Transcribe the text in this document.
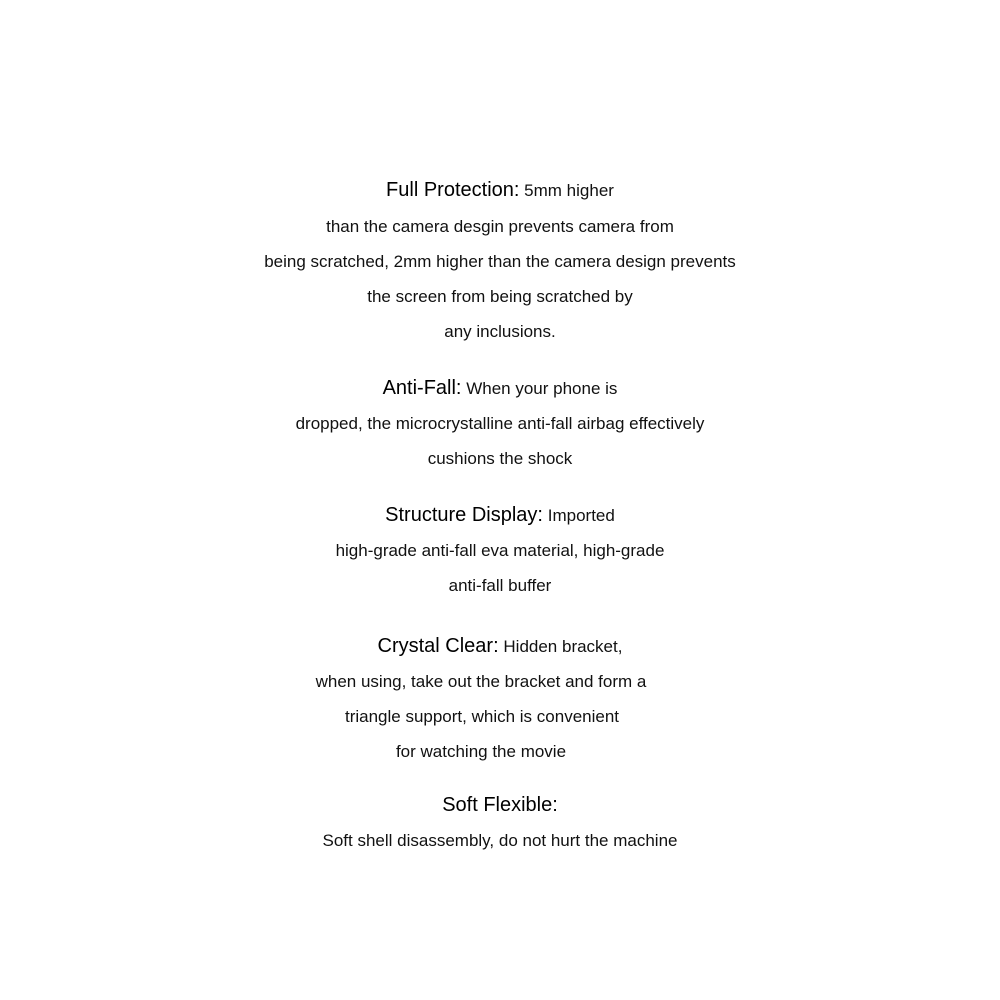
Full Protection: 5mm higher
than the camera desgin prevents camera from
being scratched, 2mm higher than the camera design prevents
the screen from being scratched by
any inclusions.
Anti-Fall: When your phone is
dropped, the microcrystalline anti-fall airbag effectively
cushions the shock
Structure Display: Imported
high-grade anti-fall eva material, high-grade
anti-fall buffer
Crystal Clear: Hidden bracket,
when using, take out the bracket and form a
triangle support, which is convenient
for watching the movie
Soft Flexible:
Soft shell disassembly, do not hurt the machine
